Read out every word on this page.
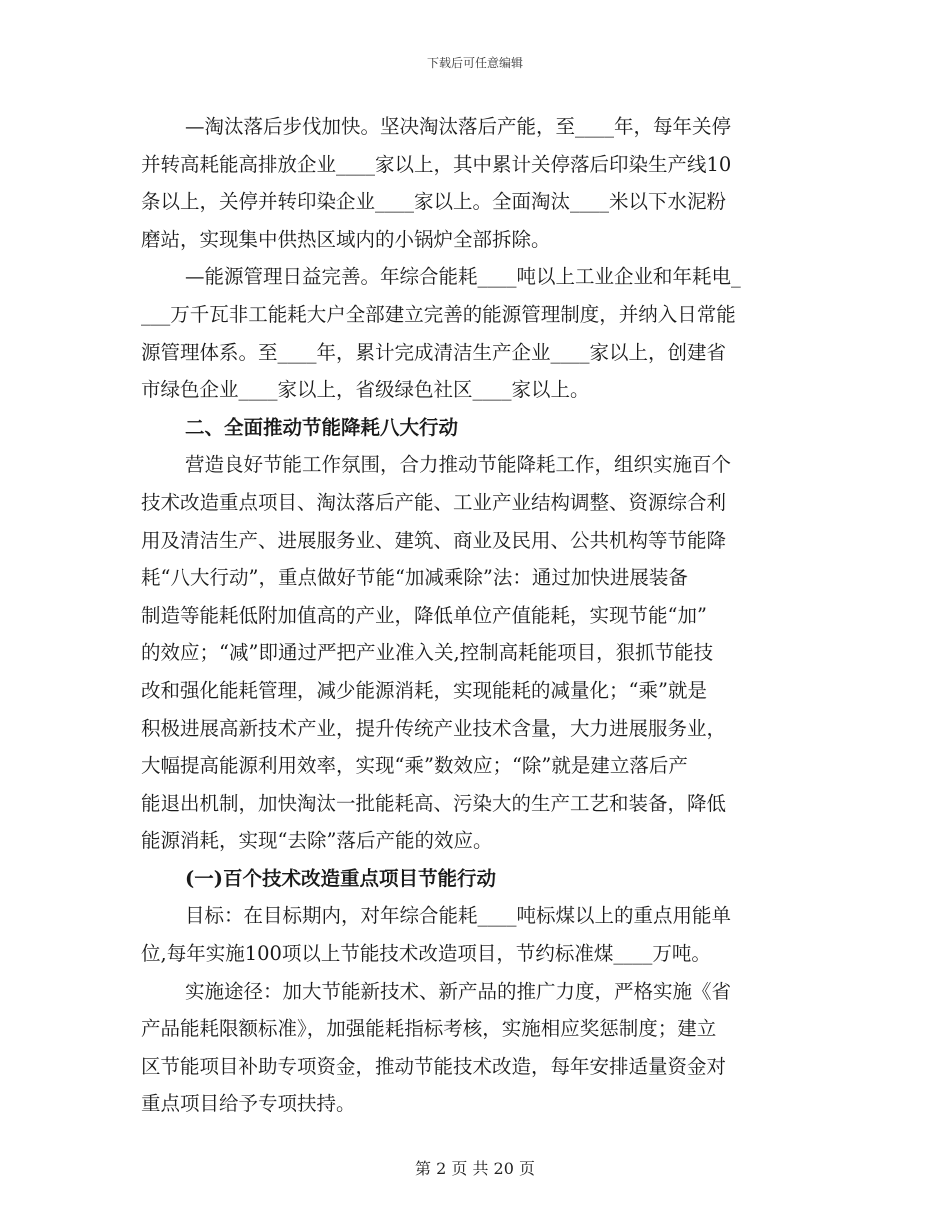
下载后可任意编辑
—淘汰落后步伐加快。坚决淘汰落后产能，至____年，每年关停
并转高耗能高排放企业____家以上，其中累计关停落后印染生产线10
条以上，关停并转印染企业____家以上。全面淘汰____米以下水泥粉
磨站，实现集中供热区域内的小锅炉全部拆除。
—能源管理日益完善。年综合能耗____吨以上工业企业和年耗电_
___万千瓦非工能耗大户全部建立完善的能源管理制度，并纳入日常能
源管理体系。至____年，累计完成清洁生产企业____家以上，创建省
市绿色企业____家以上，省级绿色社区____家以上。
二、全面推动节能降耗八大行动
营造良好节能工作氛围，合力推动节能降耗工作，组织实施百个
技术改造重点项目、淘汰落后产能、工业产业结构调整、资源综合利
用及清洁生产、进展服务业、建筑、商业及民用、公共机构等节能降
耗“八大行动”，重点做好节能“加减乘除”法：通过加快进展装备
制造等能耗低附加值高的产业，降低单位产值能耗，实现节能“加”
的效应；“减”即通过严把产业准入关,控制高耗能项目，狠抓节能技
改和强化能耗管理，减少能源消耗，实现能耗的减量化；“乘”就是
积极进展高新技术产业，提升传统产业技术含量，大力进展服务业，
大幅提高能源利用效率，实现“乘”数效应；“除”就是建立落后产
能退出机制，加快淘汰一批能耗高、污染大的生产工艺和装备，降低
能源消耗，实现“去除”落后产能的效应。
(一)百个技术改造重点项目节能行动
目标：在目标期内，对年综合能耗____吨标煤以上的重点用能单
位,每年实施100项以上节能技术改造项目，节约标准煤____万吨。
实施途径：加大节能新技术、新产品的推广力度，严格实施《省
产品能耗限额标准》，加强能耗指标考核，实施相应奖惩制度；建立
区节能项目补助专项资金，推动节能技术改造，每年安排适量资金对
重点项目给予专项扶持。
第 2 页 共 20 页
